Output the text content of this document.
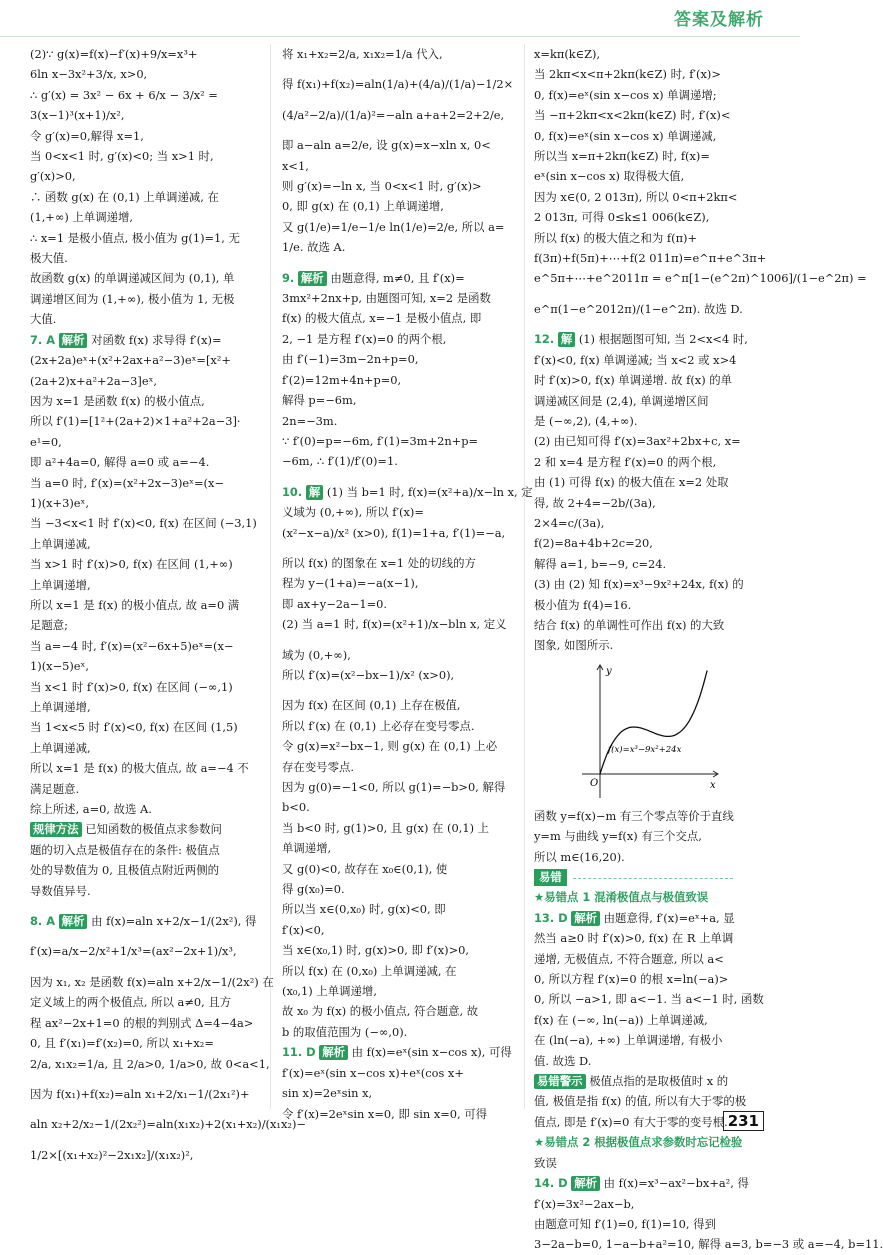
答案及解析
(2)∵ g(x)=f(x)−f′(x)+9/x=x³+
6ln x−3x²+3/x, x>0,
∴ g′(x) = 3x² − 6x + 6/x − 3/x² =
3(x−1)³(x+1)/x²,
令 g′(x)=0,解得 x=1,
当 0<x<1 时, g′(x)<0; 当 x>1 时,
g′(x)>0,
∴ 函数 g(x) 在 (0,1) 上单调递减, 在
(1,+∞) 上单调递增,
∴ x=1 是极小值点, 极小值为 g(1)=1, 无
极大值.
故函数 g(x) 的单调递减区间为 (0,1), 单
调递增区间为 (1,+∞), 极小值为 1, 无极
大值.
7. A 解析 对函数 f(x) 求导得 f′(x)=
(2x+2a)eˣ+(x²+2ax+a²−3)eˣ=[x²+
(2a+2)x+a²+2a−3]eˣ,
因为 x=1 是函数 f(x) 的极小值点,
所以 f′(1)=[1²+(2a+2)×1+a²+2a−3]·
e¹=0,
即 a²+4a=0, 解得 a=0 或 a=−4.
当 a=0 时, f′(x)=(x²+2x−3)eˣ=(x−
1)(x+3)eˣ,
当 −3<x<1 时 f′(x)<0, f(x) 在区间 (−3,1)
上单调递减,
当 x>1 时 f′(x)>0, f(x) 在区间 (1,+∞)
上单调递增,
所以 x=1 是 f(x) 的极小值点, 故 a=0 满
足题意;
当 a=−4 时, f′(x)=(x²−6x+5)eˣ=(x−
1)(x−5)eˣ,
当 x<1 时 f′(x)>0, f(x) 在区间 (−∞,1)
上单调递增,
当 1<x<5 时 f′(x)<0, f(x) 在区间 (1,5)
上单调递减,
所以 x=1 是 f(x) 的极大值点, 故 a=−4 不
满足题意.
综上所述, a=0, 故选 A.
规律方法 已知函数的极值点求参数问
题的切入点是极值存在的条件: 极值点
处的导数值为 0, 且极值点附近两侧的
导数值异号.
8. A 解析 由 f(x)=aln x+2/x−1/(2x²), 得
f′(x)=a/x−2/x²+1/x³=(ax²−2x+1)/x³,
因为 x₁, x₂ 是函数 f(x)=aln x+2/x−1/(2x²) 在
定义域上的两个极值点, 所以 a≠0, 且方
程 ax²−2x+1=0 的根的判别式 Δ=4−4a>
0, 且 f′(x₁)=f′(x₂)=0, 所以 x₁+x₂=
2/a, x₁x₂=1/a, 且 2/a>0, 1/a>0, 故 0<a<1,
因为 f(x₁)+f(x₂)=aln x₁+2/x₁−1/(2x₁²)+
aln x₂+2/x₂−1/(2x₂²)=aln(x₁x₂)+2(x₁+x₂)/(x₁x₂)−
1/2×[(x₁+x₂)²−2x₁x₂]/(x₁x₂)²,
将 x₁+x₂=2/a, x₁x₂=1/a 代入,
得 f(x₁)+f(x₂)=aln(1/a)+(4/a)/(1/a)−1/2×
(4/a²−2/a)/(1/a)²=−aln a+a+2=2+2/e,
即 a−aln a=2/e, 设 g(x)=x−xln x, 0<
x<1,
则 g′(x)=−ln x, 当 0<x<1 时, g′(x)>
0, 即 g(x) 在 (0,1) 上单调递增,
又 g(1/e)=1/e−1/e ln(1/e)=2/e, 所以 a=
1/e. 故选 A.
9. 解析 由题意得, m≠0, 且 f′(x)=
3mx²+2nx+p, 由题图可知, x=2 是函数
f(x) 的极大值点, x=−1 是极小值点, 即
2, −1 是方程 f′(x)=0 的两个根,
由 f′(−1)=3m−2n+p=0,
f′(2)=12m+4n+p=0,
解得 p=−6m,
2n=−3m.
∵ f′(0)=p=−6m, f′(1)=3m+2n+p=
−6m, ∴ f′(1)/f′(0)=1.
10. 解 (1) 当 b=1 时, f(x)=(x²+a)/x−ln x, 定
义域为 (0,+∞), 所以 f′(x)=
(x²−x−a)/x² (x>0), f(1)=1+a, f′(1)=−a,
所以 f(x) 的图象在 x=1 处的切线的方
程为 y−(1+a)=−a(x−1),
即 ax+y−2a−1=0.
(2) 当 a=1 时, f(x)=(x²+1)/x−bln x, 定义
域为 (0,+∞),
所以 f′(x)=(x²−bx−1)/x² (x>0),
因为 f(x) 在区间 (0,1) 上存在极值,
所以 f′(x) 在 (0,1) 上必存在变号零点.
令 g(x)=x²−bx−1, 则 g(x) 在 (0,1) 上必
存在变号零点.
因为 g(0)=−1<0, 所以 g(1)=−b>0, 解得
b<0.
当 b<0 时, g(1)>0, 且 g(x) 在 (0,1) 上
单调递增,
又 g(0)<0, 故存在 x₀∈(0,1), 使
得 g(x₀)=0.
所以当 x∈(0,x₀) 时, g(x)<0, 即
f′(x)<0,
当 x∈(x₀,1) 时, g(x)>0, 即 f′(x)>0,
所以 f(x) 在 (0,x₀) 上单调递减, 在
(x₀,1) 上单调递增,
故 x₀ 为 f(x) 的极小值点, 符合题意, 故
b 的取值范围为 (−∞,0).
11. D 解析 由 f(x)=eˣ(sin x−cos x), 可得
f′(x)=eˣ(sin x−cos x)+eˣ(cos x+
sin x)=2eˣsin x,
令 f′(x)=2eˣsin x=0, 即 sin x=0, 可得
x=kπ(k∈Z),
当 2kπ<x<π+2kπ(k∈Z) 时, f′(x)>
0, f(x)=eˣ(sin x−cos x) 单调递增;
当 −π+2kπ<x<2kπ(k∈Z) 时, f′(x)<
0, f(x)=eˣ(sin x−cos x) 单调递减,
所以当 x=π+2kπ(k∈Z) 时, f(x)=
eˣ(sin x−cos x) 取得极大值,
因为 x∈(0, 2 013π), 所以 0<π+2kπ<
2 013π, 可得 0≤k≤1 006(k∈Z),
所以 f(x) 的极大值之和为 f(π)+
f(3π)+f(5π)+⋯+f(2 011π)=e^π+e^3π+
e^5π+⋯+e^2011π = e^π[1−(e^2π)^1006]/(1−e^2π) =
e^π(1−e^2012π)/(1−e^2π). 故选 D.
12. 解 (1) 根据题图可知, 当 2<x<4 时,
f′(x)<0, f(x) 单调递减; 当 x<2 或 x>4
时 f′(x)>0, f(x) 单调递增. 故 f(x) 的单
调递减区间是 (2,4), 单调递增区间
是 (−∞,2), (4,+∞).
(2) 由已知可得 f′(x)=3ax²+2bx+c, x=
2 和 x=4 是方程 f′(x)=0 的两个根,
由 (1) 可得 f(x) 的极大值在 x=2 处取
得, 故 2+4=−2b/(3a),
2×4=c/(3a),
f(2)=8a+4b+2c=20,
解得 a=1, b=−9, c=24.
(3) 由 (2) 知 f(x)=x³−9x²+24x, f(x) 的
极小值为 f(4)=16.
结合 f(x) 的单调性可作出 f(x) 的大致
图象, 如图所示.
f(x)=x³−9x²+24x
x
y
O
函数 y=f(x)−m 有三个零点等价于直线
y=m 与曲线 y=f(x) 有三个交点,
所以 m∈(16,20).
易错
★易错点 1 混淆极值点与极值致误
13. D 解析 由题意得, f′(x)=eˣ+a, 显
然当 a≥0 时 f′(x)>0, f(x) 在 R 上单调
递增, 无极值点, 不符合题意, 所以 a<
0, 所以方程 f′(x)=0 的根 x=ln(−a)>
0, 所以 −a>1, 即 a<−1. 当 a<−1 时, 函数
f(x) 在 (−∞, ln(−a)) 上单调递减,
在 (ln(−a), +∞) 上单调递增, 有极小
值. 故选 D.
易错警示 极值点指的是取极值时 x 的
值, 极值是指 f(x) 的值, 所以有大于零的极
值点, 即是 f′(x)=0 有大于零的变号根.
★易错点 2 根据极值点求参数时忘记检验
致误
14. D 解析 由 f(x)=x³−ax²−bx+a², 得
f′(x)=3x²−2ax−b,
由题意可知 f′(1)=0, f(1)=10, 得到
3−2a−b=0, 1−a−b+a²=10, 解得 a=3, b=−3 或 a=−4, b=11.
231
